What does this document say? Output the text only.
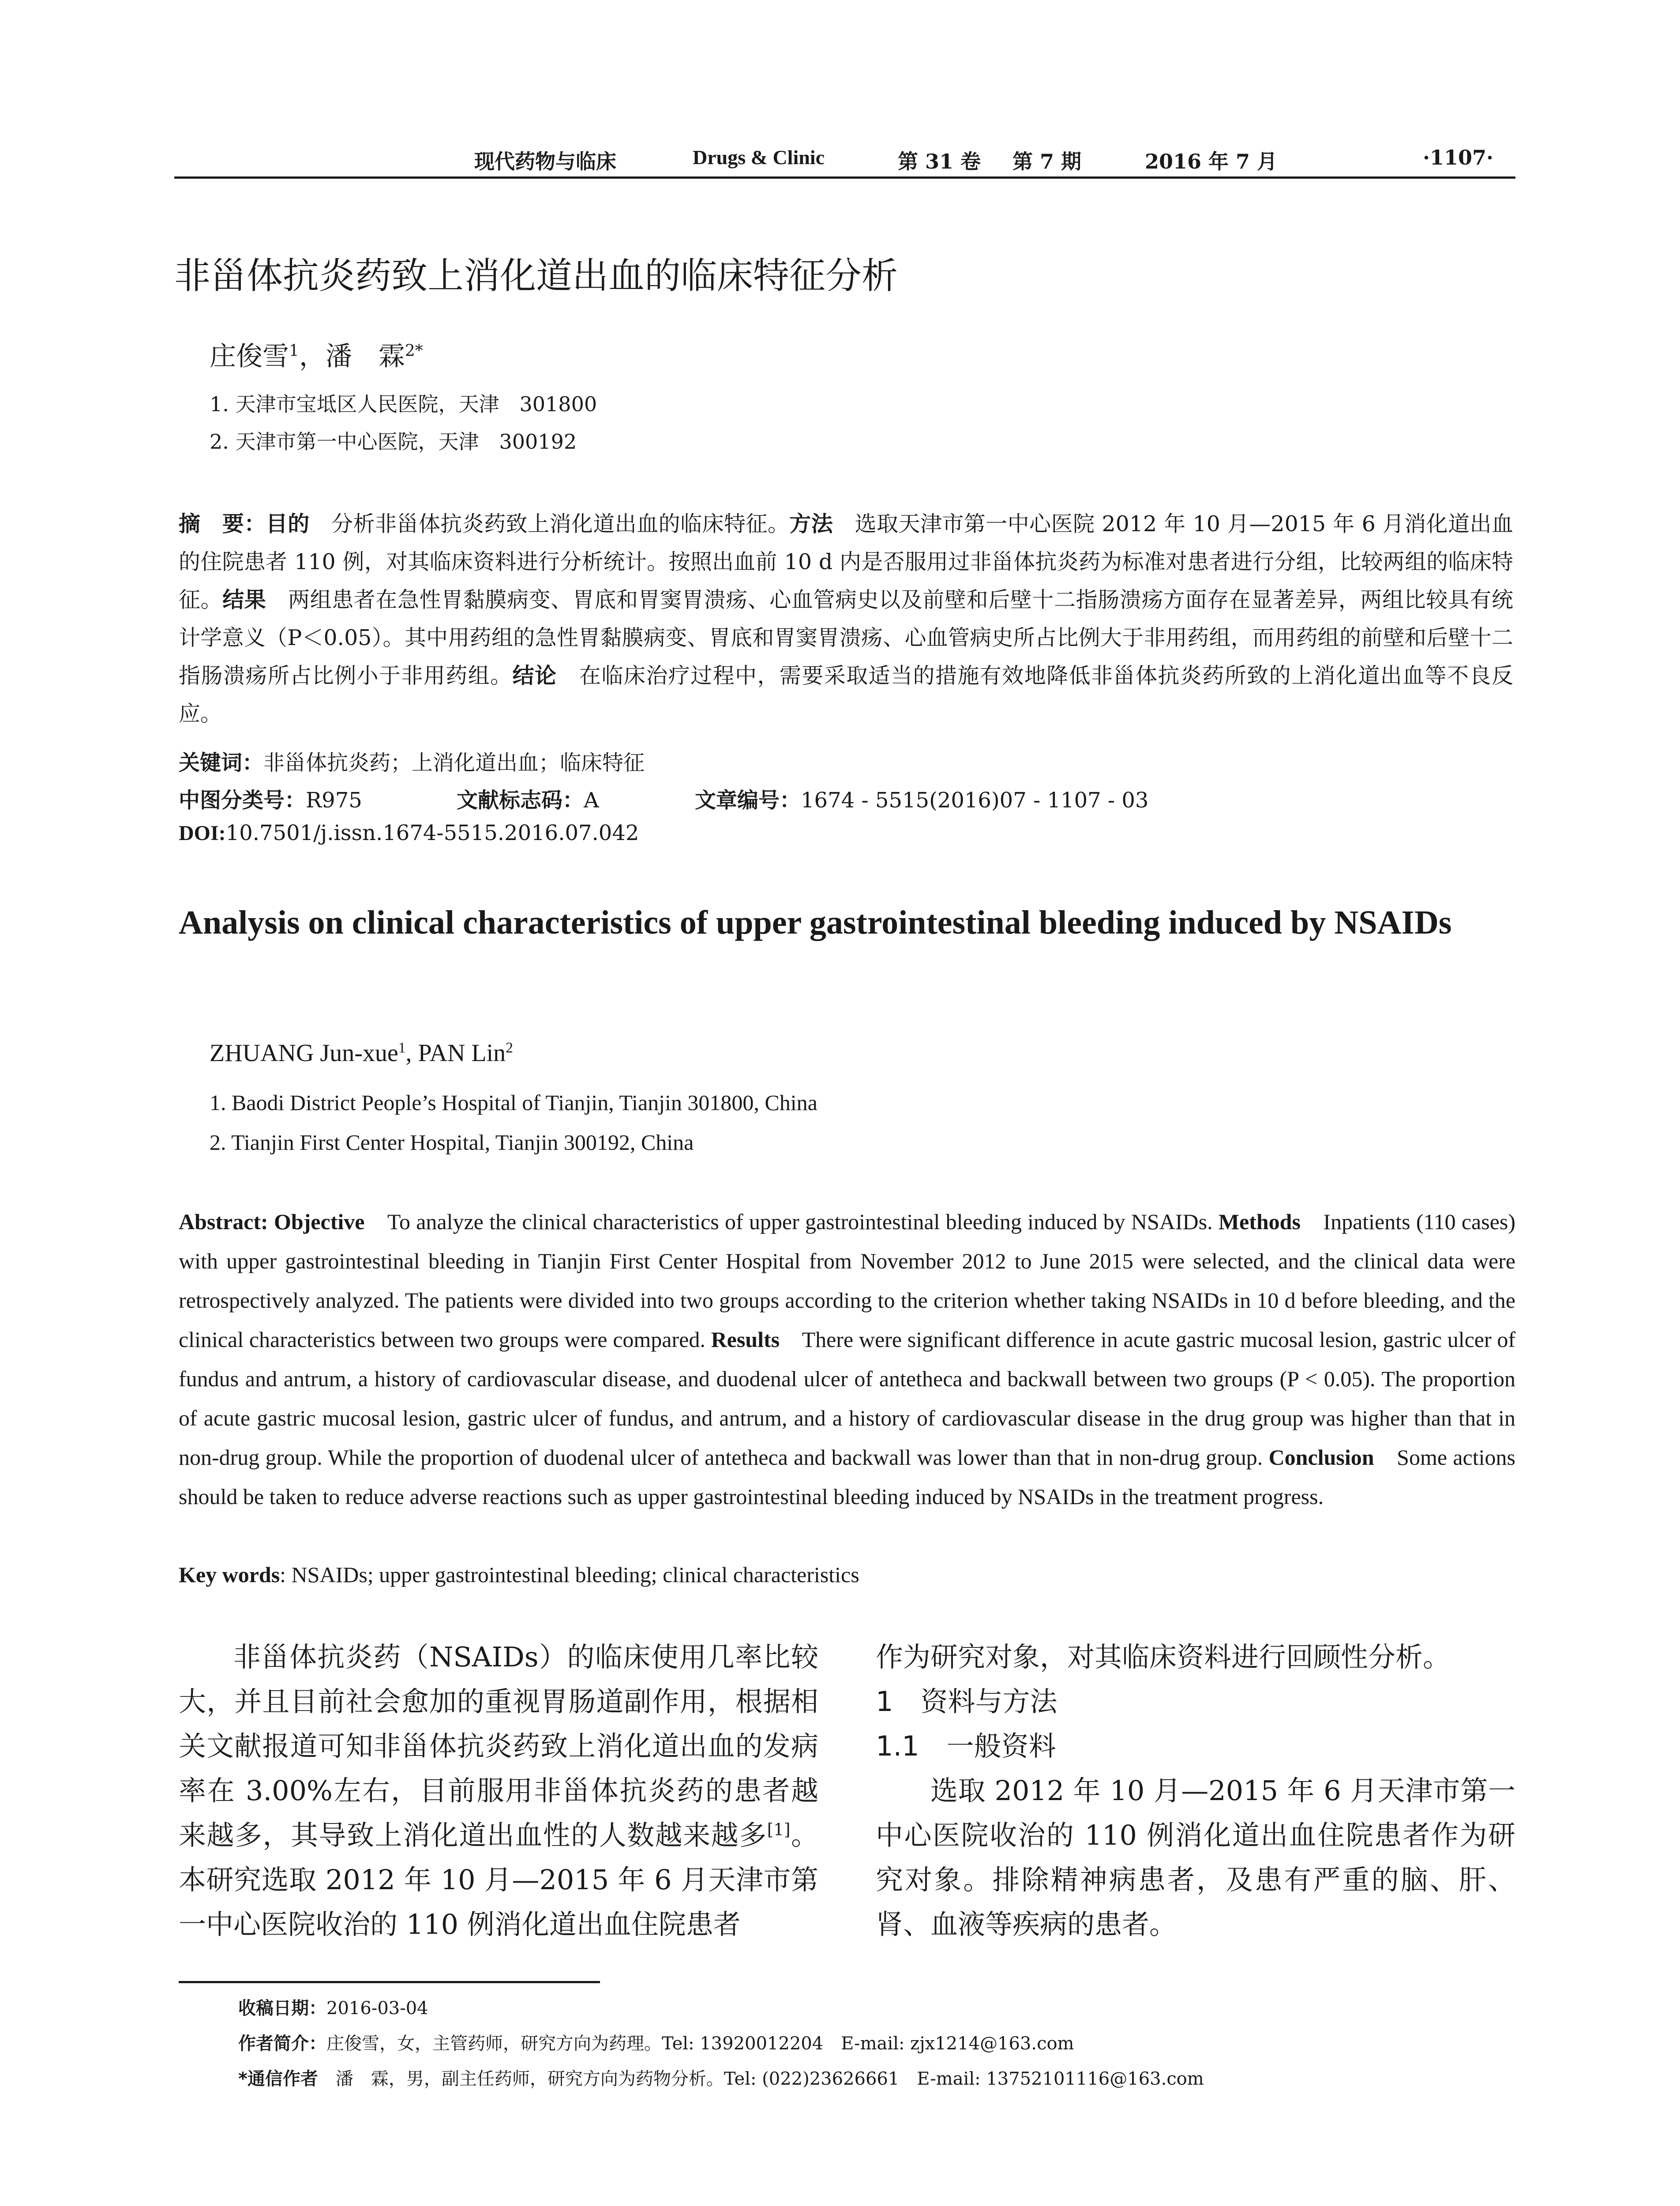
现代药物与临床	Drugs & Clinic	第 31 卷 第 7 期	2016 年 7 月	·1107·
非甾体抗炎药致上消化道出血的临床特征分析
庄俊雪$^1$，潘　霖$^{2*}$
1. 天津市宝坻区人民医院，天津　301800
2. 天津市第一中心医院，天津　300192
摘　要：目的　分析非甾体抗炎药致上消化道出血的临床特征。方法　选取天津市第一中心医院 2012 年 10 月—2015 年 6 月消化道出血的住院患者 110 例，对其临床资料进行分析统计。按照出血前 10 d 内是否服用过非甾体抗炎药为标准对患者进行分组，比较两组的临床特征。结果　两组患者在急性胃黏膜病变、胃底和胃窦胃溃疡、心血管病史以及前壁和后壁十二指肠溃疡方面存在显著差异，两组比较具有统计学意义（P＜0.05）。其中用药组的急性胃黏膜病变、胃底和胃窦胃溃疡、心血管病史所占比例大于非用药组，而用药组的前壁和后壁十二指肠溃疡所占比例小于非用药组。结论　在临床治疗过程中，需要采取适当的措施有效地降低非甾体抗炎药所致的上消化道出血等不良反应。
关键词：非甾体抗炎药；上消化道出血；临床特征
中图分类号：R975	文献标志码：A	文章编号：1674 - 5515(2016)07 - 1107 - 03
DOI:10.7501/j.issn.1674-5515.2016.07.042
Analysis on clinical characteristics of upper gastrointestinal bleeding induced by NSAIDs
ZHUANG Jun-xue$^1$, PAN Lin$^2$
1. Baodi District People’s Hospital of Tianjin, Tianjin 301800, China
2. Tianjin First Center Hospital, Tianjin 300192, China
Abstract: Objective　To analyze the clinical characteristics of upper gastrointestinal bleeding induced by NSAIDs. Methods　Inpatients (110 cases) with upper gastrointestinal bleeding in Tianjin First Center Hospital from November 2012 to June 2015 were selected, and the clinical data were retrospectively analyzed. The patients were divided into two groups according to the criterion whether taking NSAIDs in 10 d before bleeding, and the clinical characteristics between two groups were compared. Results　There were significant difference in acute gastric mucosal lesion, gastric ulcer of fundus and antrum, a history of cardiovascular disease, and duodenal ulcer of antetheca and backwall between two groups (P < 0.05). The proportion of acute gastric mucosal lesion, gastric ulcer of fundus, and antrum, and a history of cardiovascular disease in the drug group was higher than that in non-drug group. While the proportion of duodenal ulcer of antetheca and backwall was lower than that in non-drug group. Conclusion　Some actions should be taken to reduce adverse reactions such as upper gastrointestinal bleeding induced by NSAIDs in the treatment progress.
Key words: NSAIDs; upper gastrointestinal bleeding; clinical characteristics

非甾体抗炎药（NSAIDs）的临床使用几率比较大，并且目前社会愈加的重视胃肠道副作用，根据相关文献报道可知非甾体抗炎药致上消化道出血的发病率在 3.00%左右，目前服用非甾体抗炎药的患者越来越多，其导致上消化道出血性的人数越来越多[1]。本研究选取 2012 年 10 月—2015 年 6 月天津市第一中心医院收治的 110 例消化道出血住院患者

作为研究对象，对其临床资料进行回顾性分析。

1　资料与方法

1.1　一般资料

选取 2012 年 10 月—2015 年 6 月天津市第一中心医院收治的 110 例消化道出血住院患者作为研究对象。排除精神病患者，及患有严重的脑、肝、肾、血液等疾病的患者。

收稿日期：2016-03-04
作者简介：庄俊雪，女，主管药师，研究方向为药理。Tel: 13920012204　E-mail: zjx1214@163.com
*通信作者　潘　霖，男，副主任药师，研究方向为药物分析。Tel: (022)23626661　E-mail: 13752101116@163.com
